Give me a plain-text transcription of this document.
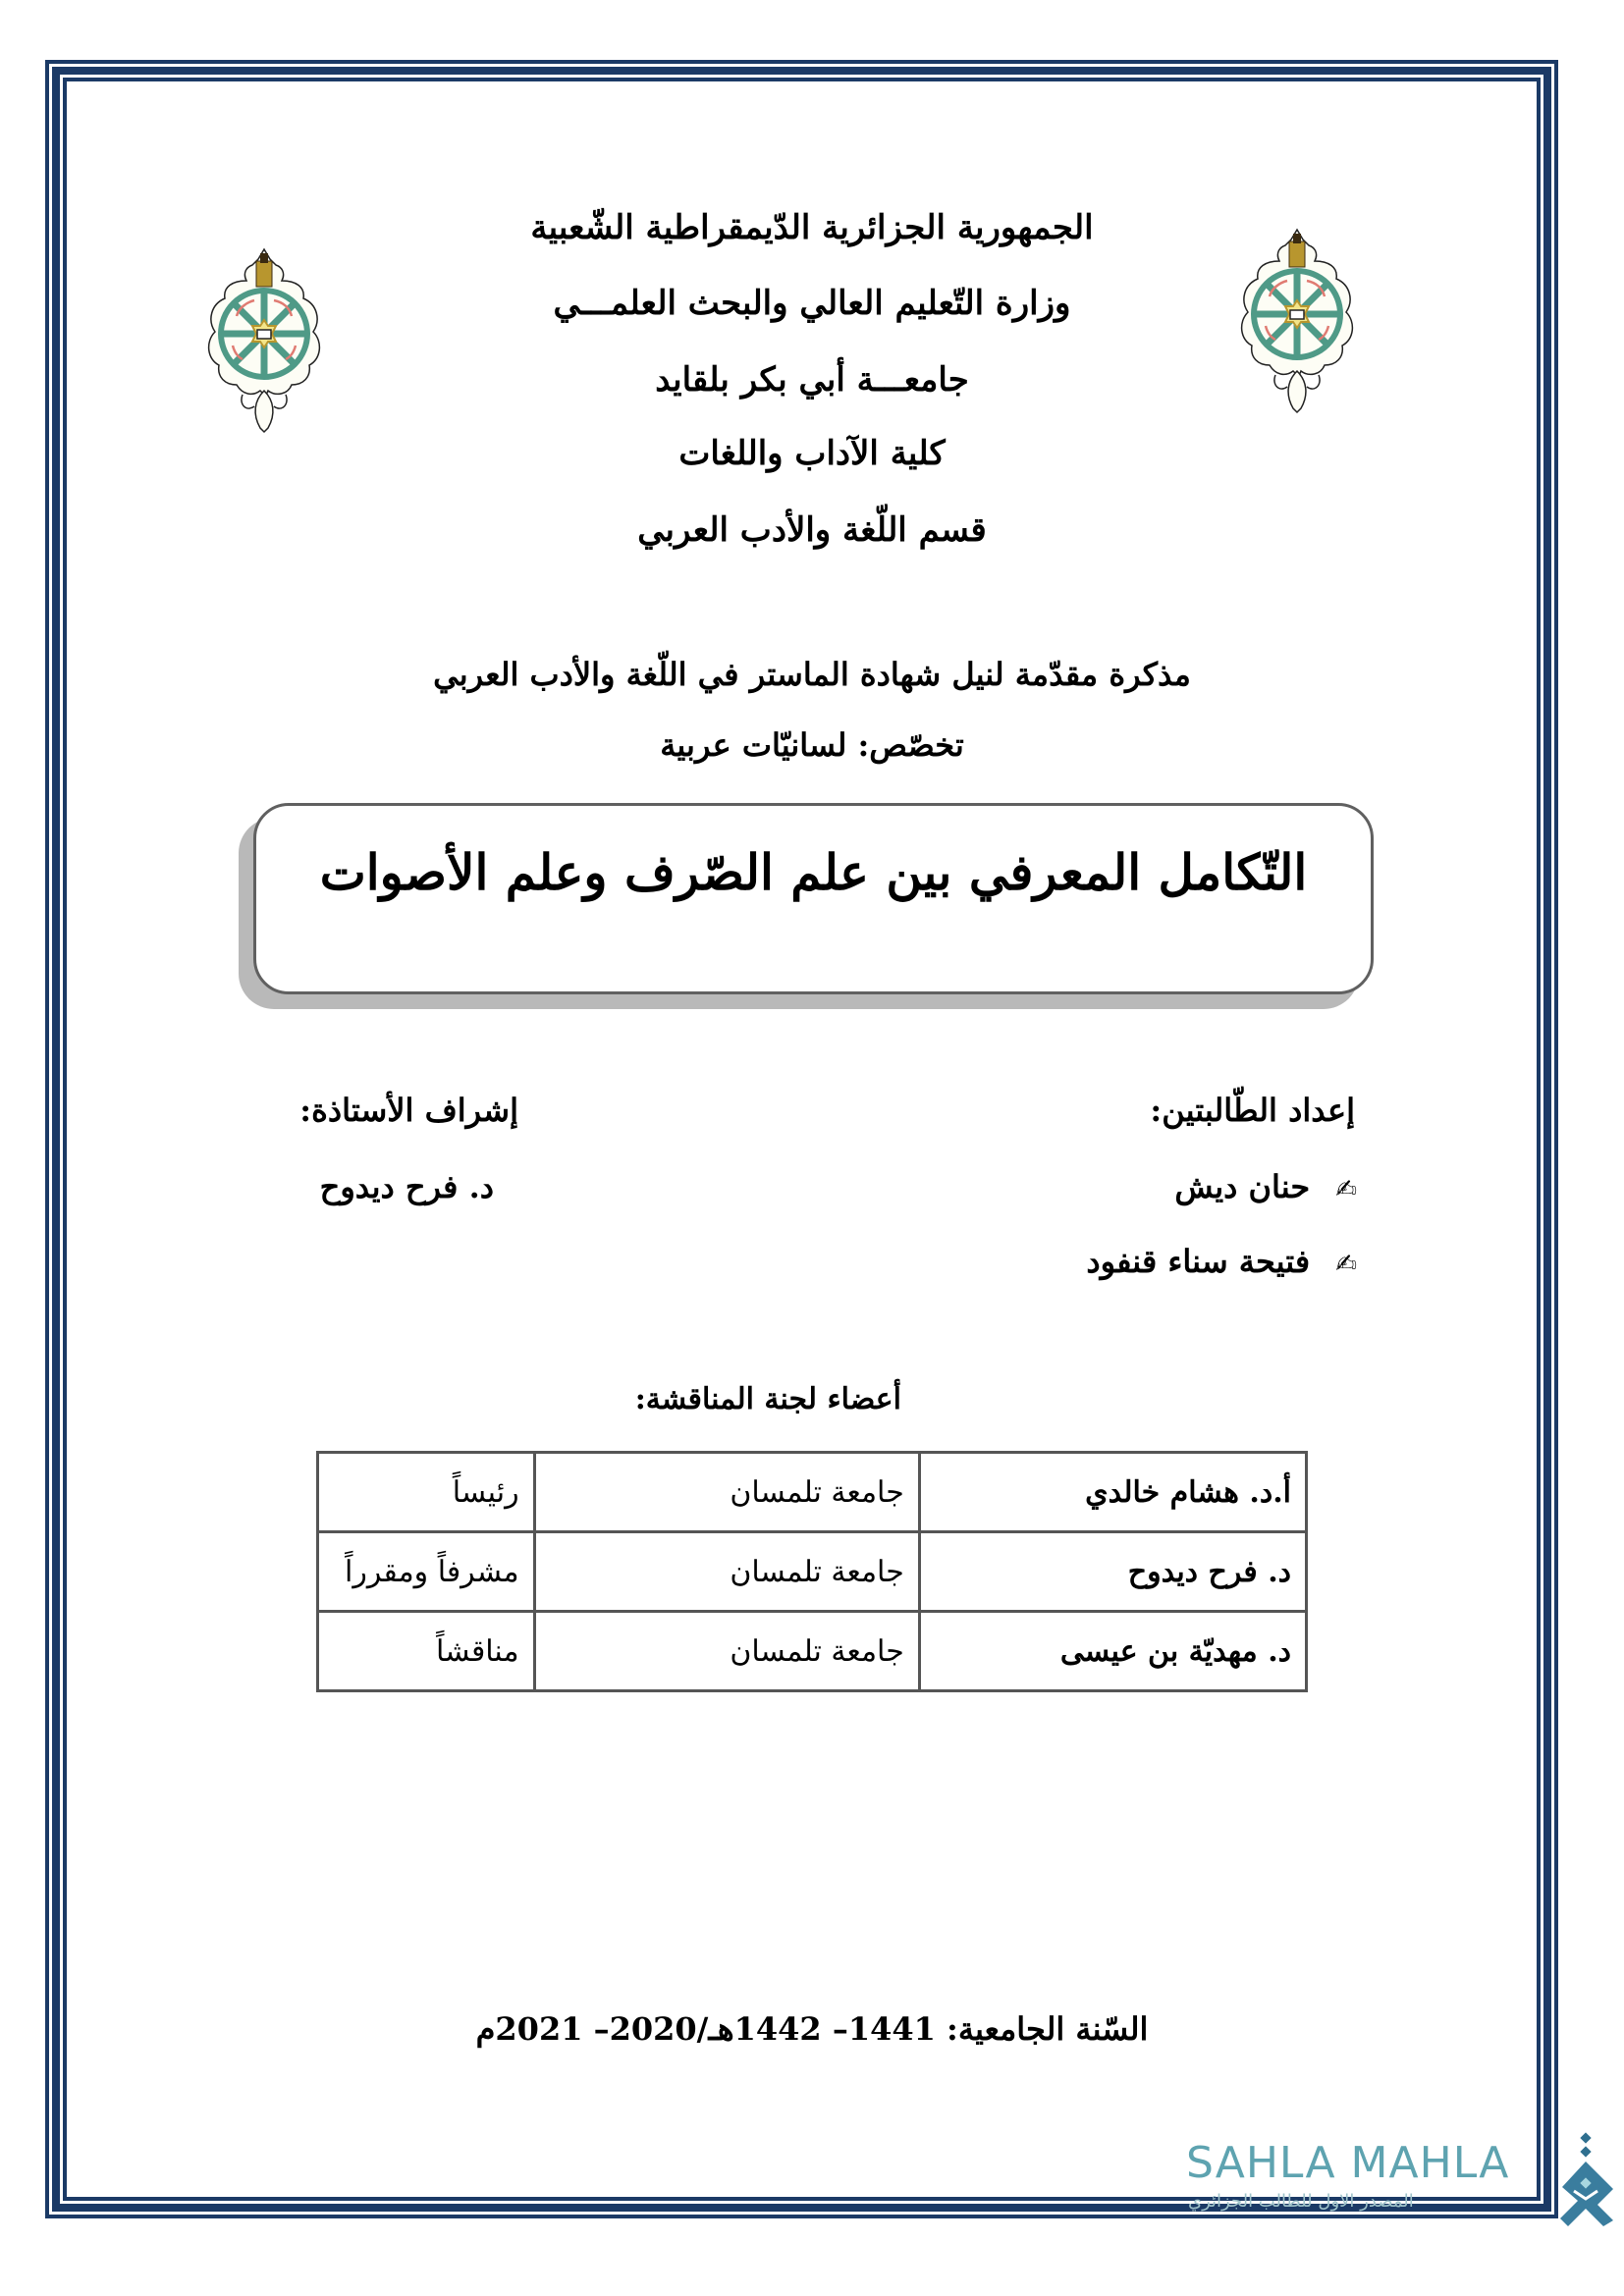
الجمهورية الجزائرية الدّيمقراطية الشّعبية
وزارة التّعليم العالي والبحث العلمـــي
جامعـــة أبي بكر بلقايد
كلية الآداب واللغات
قسم اللّغة والأدب العربي
مذكرة مقدّمة لنيل شهادة الماستر في اللّغة والأدب العربي
تخصّص: لسانيّات عربية
التّكامل المعرفي بين علم الصّرف وعلم الأصوات
إعداد الطّالبتين:
✍حنان ديش
✍فتيحة سناء قنفود
إشراف الأستاذة:
د. فرح ديدوح
أعضاء لجنة المناقشة:
أ.د. هشام خالدي	جامعة تلمسان	رئيساً
د. فرح ديدوح	جامعة تلمسان	مشرفاً ومقرراً
د. مهديّة بن عيسى	جامعة تلمسان	مناقشاً
السّنة الجامعية: 1441– 1442هـ/2020– 2021م
SAHLA MAHLA
المصدر الاول للطالب الجزائري
